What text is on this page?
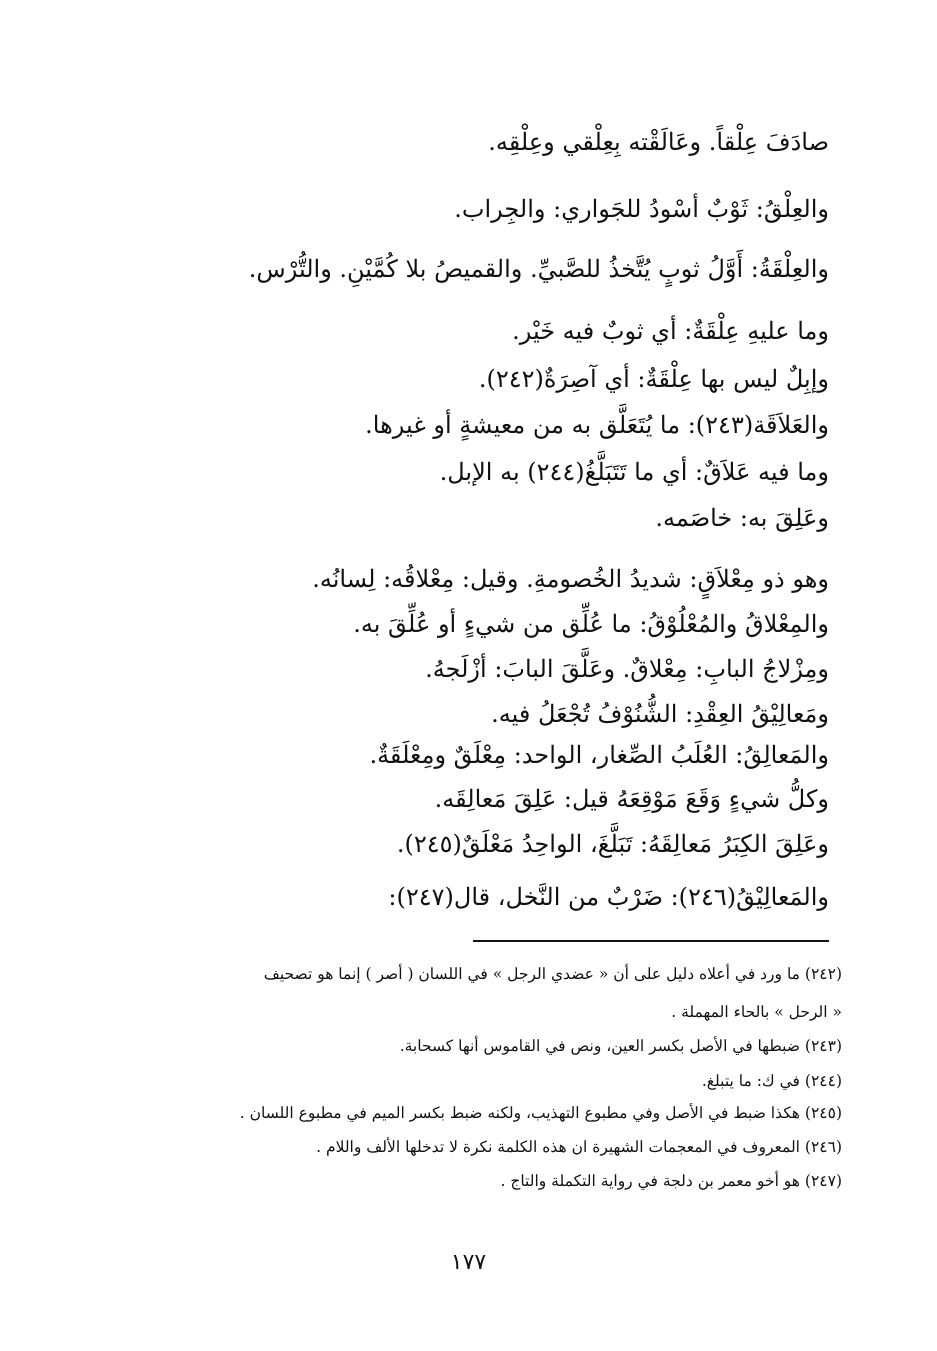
صادَفَ عِلْقاً. وعَالَقْته بِعِلْقي وعِلْقِه.
والعِلْقُ: ثَوْبٌ أسْودُ للجَواري: والجِراب.
والعِلْقَةُ: أَوَّلُ ثوبٍ يُتَّخذُ للصَّبيِّ. والقميصُ بلا كُمَّيْنِ. والتُّرْس.
وما عليهِ عِلْقَةٌ: أي ثوبٌ فيه خَيْر.
وإبِلٌ ليس بها عِلْقَةٌ: أي آصِرَةٌ(٢٤٢).
والعَلاَقَة(٢٤٣): ما يُتَعَلَّق به من معيشةٍ أو غيرها.
وما فيه عَلاَقٌ: أي ما تَتَبَلَّغُ(٢٤٤) به الإبل.
وعَلِقَ به: خاصَمه.
وهو ذو مِعْلاَقٍ: شديدُ الخُصومةِ. وقيل: مِعْلاقُه: لِسانُه.
والمِعْلاقُ والمُعْلُوْقُ: ما عُلِّق من شيءٍ أو عُلِّقَ به.
ومِزْلاجُ البابِ: مِعْلاقٌ. وعَلَّقَ البابَ: أزْلَجهُ.
ومَعالِيْقُ العِقْدِ: الشُّنُوْفُ تُجْعَلُ فيه.
والمَعالِقُ: العُلَبُ الصِّغار، الواحد: مِعْلَقٌ ومِعْلَقَةٌ.
وكلُّ شيءٍ وَقَعَ مَوْقِعَهُ قيل: عَلِقَ مَعالِقَه.
وعَلِقَ الكِبَرُ مَعالِقَهُ: تَبَلَّغَ، الواحِدُ مَعْلَقٌ(٢٤٥).
والمَعالِيْقُ(٢٤٦): ضَرْبٌ من النَّخل، قال(٢٤٧):
(٢٤٢) ما ورد في أعلاه دليل على أن « عضدي الرجل » في اللسان ( أصر ) إنما هو تصحيف
« الرحل » بالحاء المهملة .
(٢٤٣) ضبطها في الأصل بكسر العين، ونص في القاموس أنها كسحابة.
(٢٤٤) في ك: ما يتبلغ.
(٢٤٥) هكذا ضبط في الأصل وفي مطبوع التهذيب، ولكنه ضبط بكسر الميم في مطبوع اللسان .
(٢٤٦) المعروف في المعجمات الشهيرة ان هذه الكلمة نكرة لا تدخلها الألف واللام .
(٢٤٧) هو أخو معمر بن دلجة في رواية التكملة والتاج .
١٧٧
